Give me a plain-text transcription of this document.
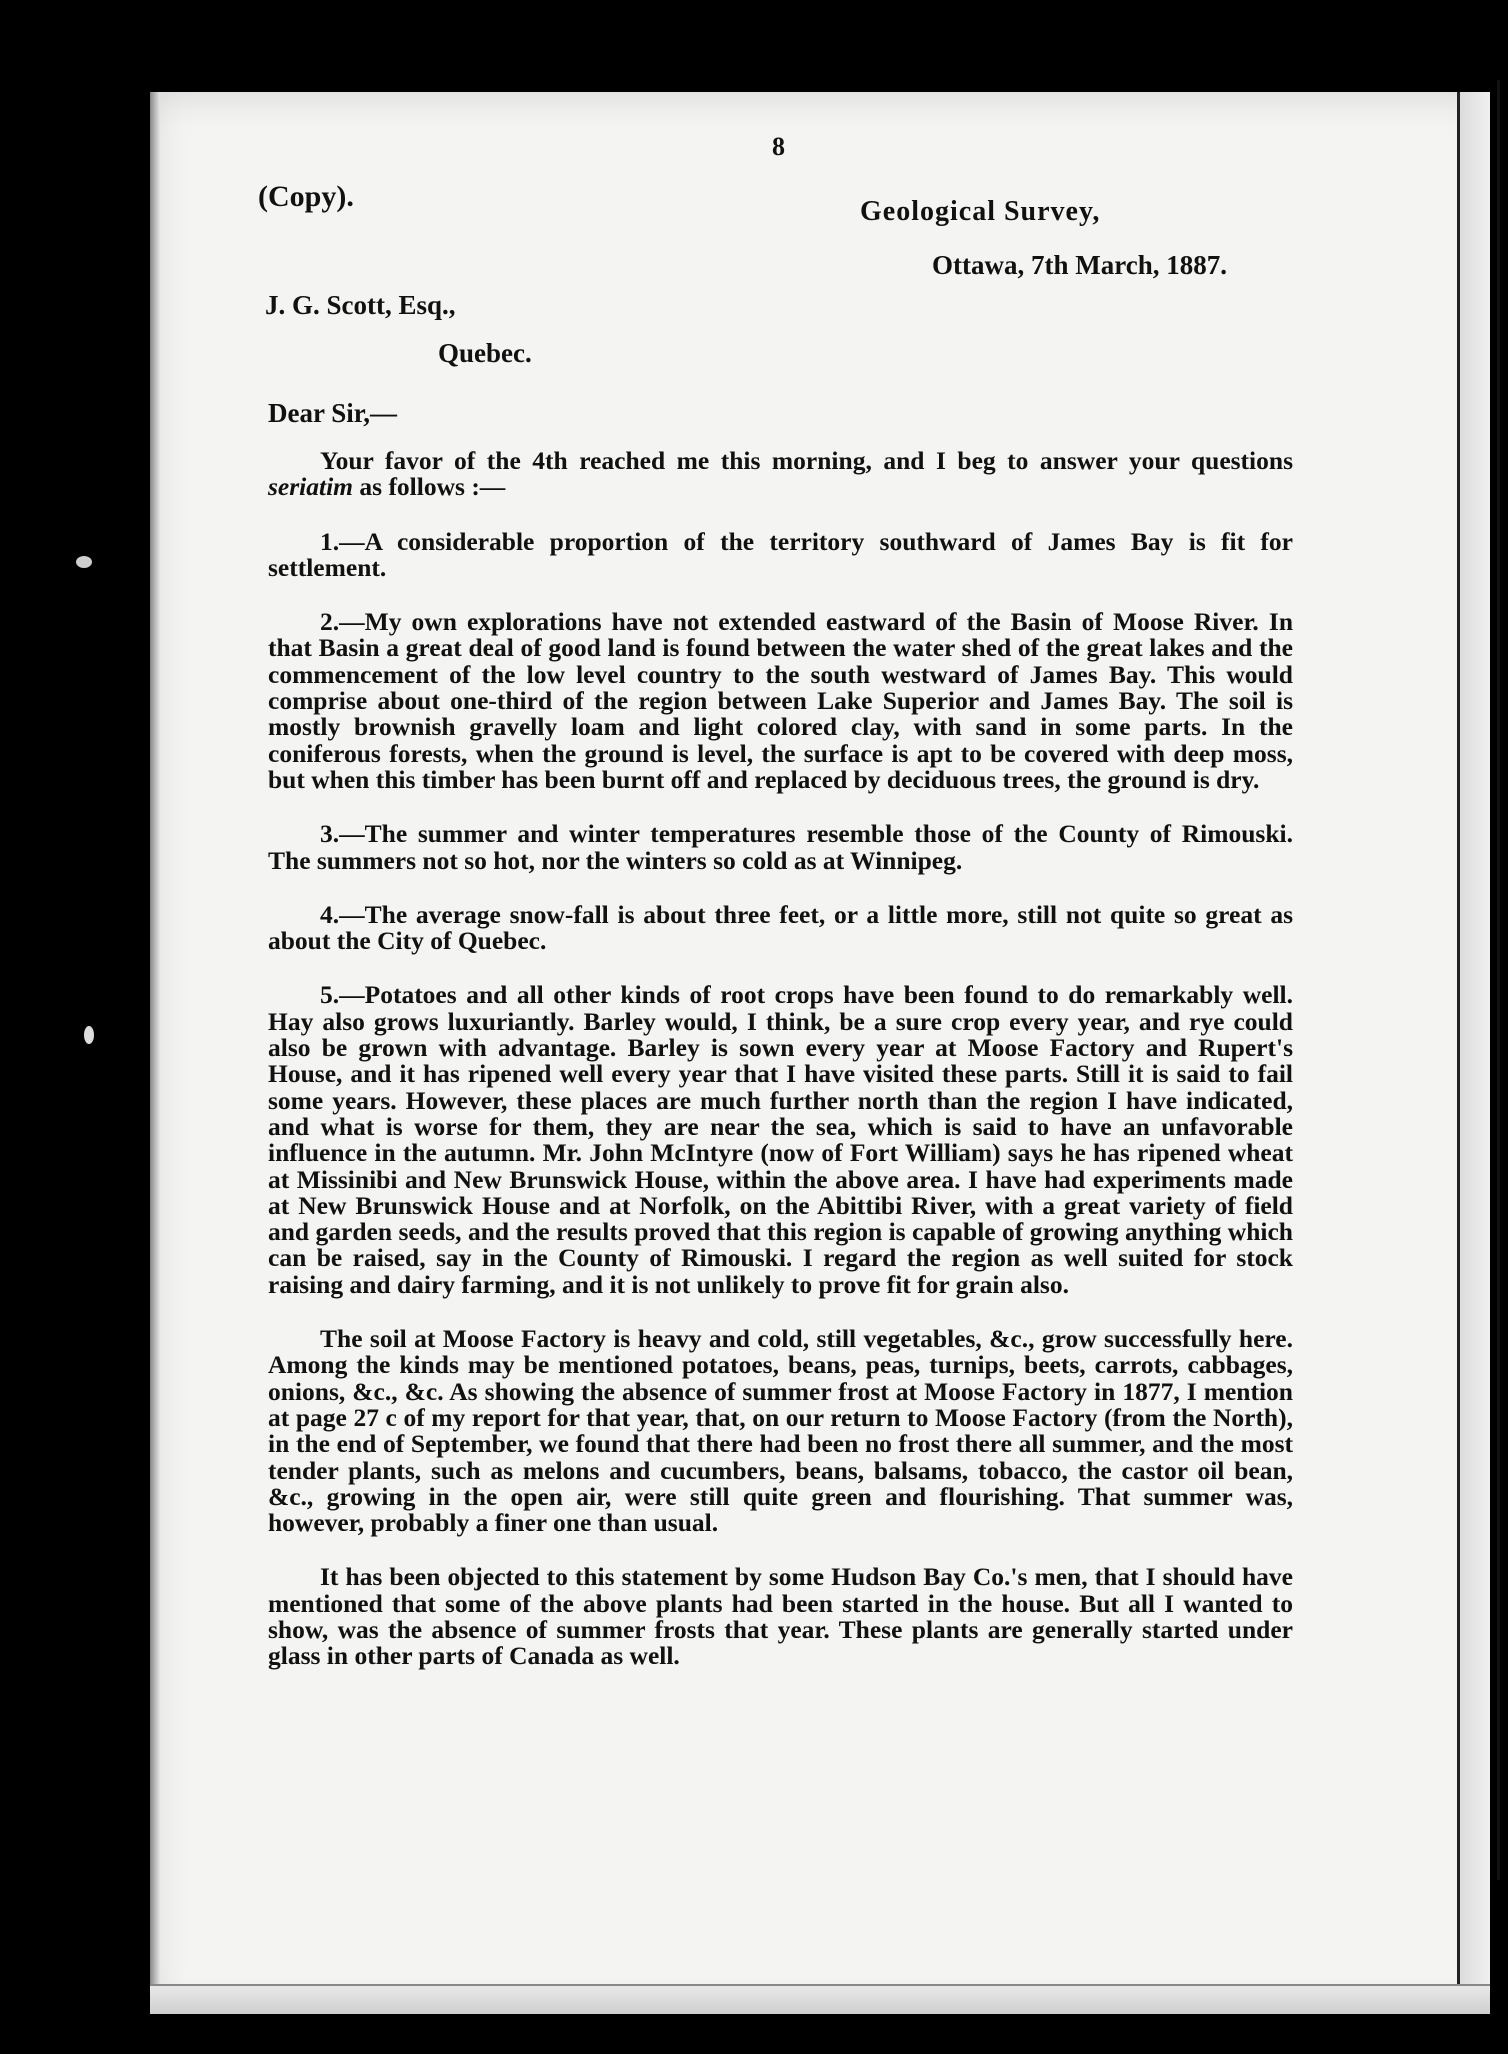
8
(Copy).	Geological Survey,
Ottawa, 7th March, 1887.
J. G. Scott, Esq.,
Quebec.
Dear Sir,—

Your favor of the 4th reached me this morning, and I beg to answer your questions seriatim as follows :—

1.—A considerable proportion of the territory southward of James Bay is fit for settlement.

2.—My own explorations have not extended eastward of the Basin of Moose River. In that Basin a great deal of good land is found between the water shed of the great lakes and the commencement of the low level country to the south westward of James Bay. This would comprise about one-third of the region between Lake Superior and James Bay. The soil is mostly brownish gravelly loam and light colored clay, with sand in some parts. In the coniferous forests, when the ground is level, the surface is apt to be covered with deep moss, but when this timber has been burnt off and replaced by deciduous trees, the ground is dry.

3.—The summer and winter temperatures resemble those of the County of Rimouski. The summers not so hot, nor the winters so cold as at Winnipeg.

4.—The average snow-fall is about three feet, or a little more, still not quite so great as about the City of Quebec.

5.—Potatoes and all other kinds of root crops have been found to do remarkably well. Hay also grows luxuriantly. Barley would, I think, be a sure crop every year, and rye could also be grown with advantage. Barley is sown every year at Moose Factory and Rupert's House, and it has ripened well every year that I have visited these parts. Still it is said to fail some years. However, these places are much further north than the region I have indicated, and what is worse for them, they are near the sea, which is said to have an unfavorable influence in the autumn. Mr. John McIntyre (now of Fort William) says he has ripened wheat at Missinibi and New Brunswick House, within the above area. I have had experiments made at New Brunswick House and at Norfolk, on the Abittibi River, with a great variety of field and garden seeds, and the results proved that this region is capable of growing anything which can be raised, say in the County of Rimouski. I regard the region as well suited for stock raising and dairy farming, and it is not unlikely to prove fit for grain also.

The soil at Moose Factory is heavy and cold, still vegetables, &c., grow successfully here. Among the kinds may be mentioned potatoes, beans, peas, turnips, beets, carrots, cabbages, onions, &c., &c. As showing the absence of summer frost at Moose Factory in 1877, I mention at page 27 c of my report for that year, that, on our return to Moose Factory (from the North), in the end of September, we found that there had been no frost there all summer, and the most tender plants, such as melons and cucumbers, beans, balsams, tobacco, the castor oil bean, &c., growing in the open air, were still quite green and flourishing. That summer was, however, probably a finer one than usual.

It has been objected to this statement by some Hudson Bay Co.'s men, that I should have mentioned that some of the above plants had been started in the house. But all I wanted to show, was the absence of summer frosts that year. These plants are generally started under glass in other parts of Canada as well.
